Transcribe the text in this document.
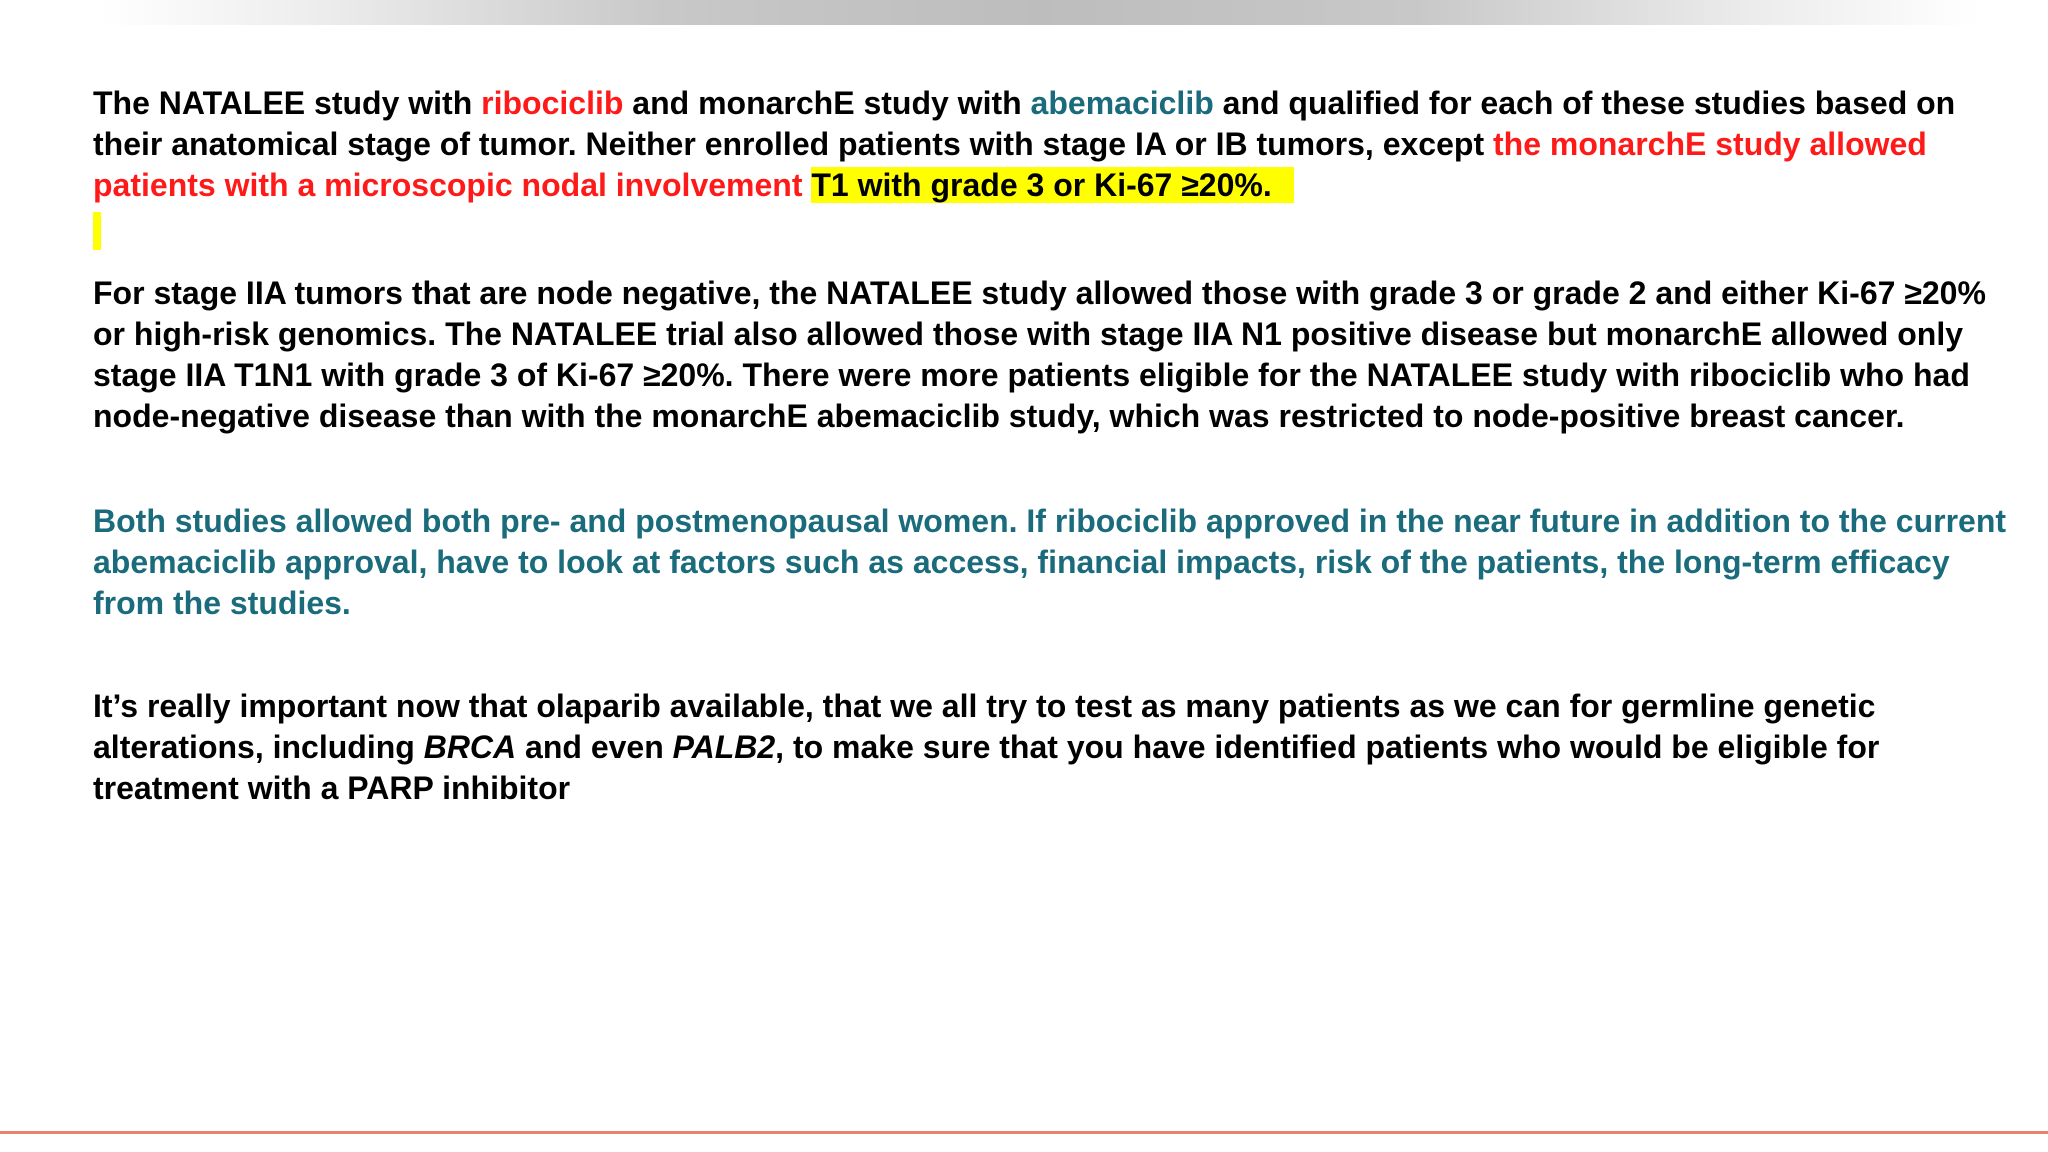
The NATALEE study with ribociclib and monarchE study with abemaciclib and qualified for each of these studies based on their anatomical stage of tumor. Neither enrolled patients with stage IA or IB tumors, except the monarchE study allowed patients with a microscopic nodal involvement T1 with grade 3 or Ki-67 ≥20%.

For stage IIA tumors that are node negative, the NATALEE study allowed those with grade 3 or grade 2 and either Ki-67 ≥20% or high-risk genomics. The NATALEE trial also allowed those with stage IIA N1 positive disease but monarchE allowed only stage IIA T1N1 with grade 3 of Ki-67 ≥20%. There were more patients eligible for the NATALEE study with ribociclib who had node-negative disease than with the monarchE abemaciclib study, which was restricted to node-positive breast cancer.

Both studies allowed both pre- and postmenopausal women. If ribociclib approved in the near future in addition to the current abemaciclib approval, have to look at factors such as access, financial impacts, risk of the patients, the long-term efficacy from the studies.

It’s really important now that olaparib available, that we all try to test as many patients as we can for germline genetic alterations, including BRCA and even PALB2, to make sure that you have identified patients who would be eligible for treatment with a PARP inhibitor
